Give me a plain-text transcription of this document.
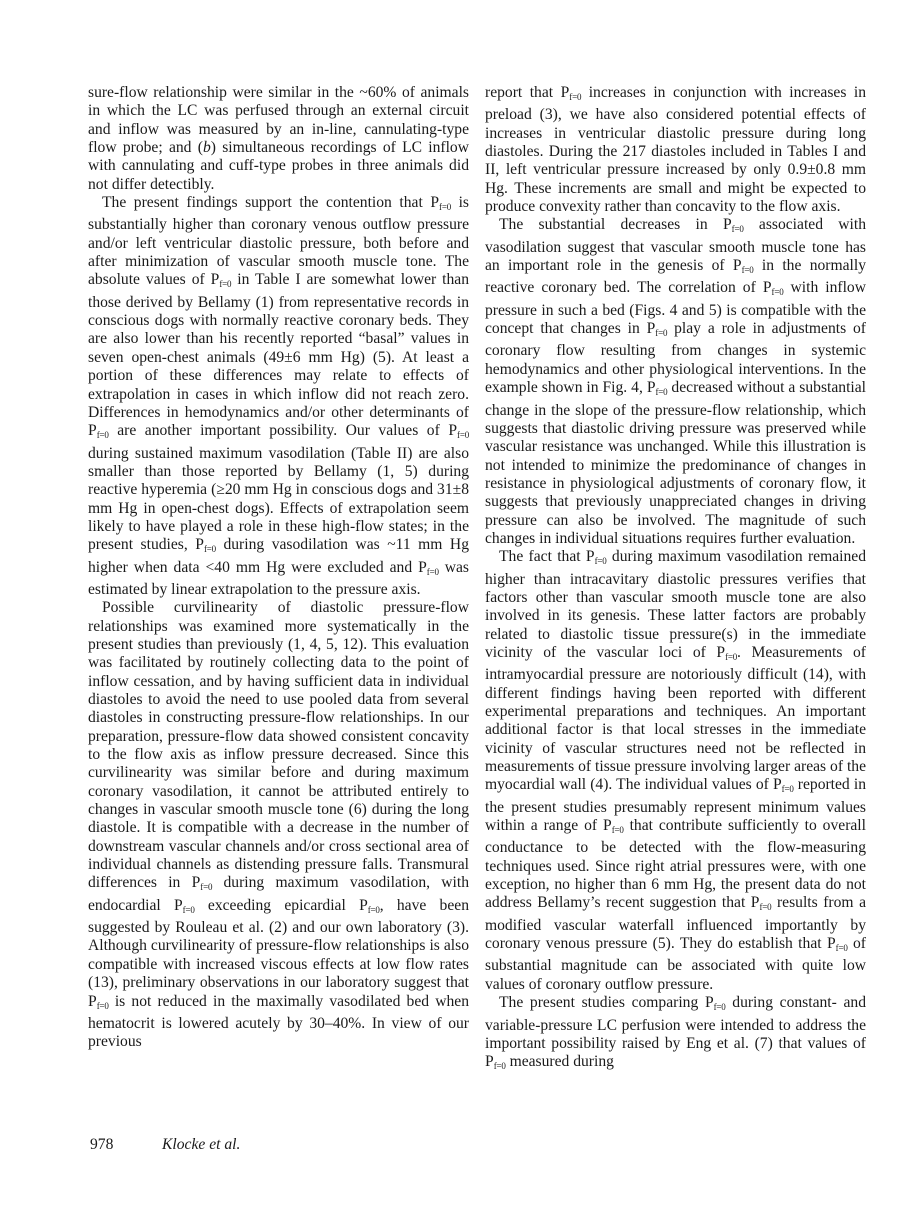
sure-flow relationship were similar in the ~60% of animals in which the LC was perfused through an external circuit and inflow was measured by an in-line, cannulating-type flow probe; and (b) simultaneous recordings of LC inflow with cannulating and cuff-type probes in three animals did not differ detectibly.

The present findings support the contention that $P_{f=0}$ is substantially higher than coronary venous outflow pressure and/or left ventricular diastolic pressure, both before and after minimization of vascular smooth muscle tone. The absolute values of $P_{f=0}$ in Table I are somewhat lower than those derived by Bellamy (1) from representative records in conscious dogs with normally reactive coronary beds. They are also lower than his recently reported “basal” values in seven open-chest animals (49±6 mm Hg) (5). At least a portion of these differences may relate to effects of extrapolation in cases in which inflow did not reach zero. Differences in hemodynamics and/or other determinants of $P_{f=0}$ are another important possibility. Our values of $P_{f=0}$ during sustained maximum vasodilation (Table II) are also smaller than those reported by Bellamy (1, 5) during reactive hyperemia (≥20 mm Hg in conscious dogs and 31±8 mm Hg in open-chest dogs). Effects of extrapolation seem likely to have played a role in these high-flow states; in the present studies, $P_{f=0}$ during vasodilation was ~11 mm Hg higher when data <40 mm Hg were excluded and $P_{f=0}$ was estimated by linear extrapolation to the pressure axis.

Possible curvilinearity of diastolic pressure-flow relationships was examined more systematically in the present studies than previously (1, 4, 5, 12). This evaluation was facilitated by routinely collecting data to the point of inflow cessation, and by having sufficient data in individual diastoles to avoid the need to use pooled data from several diastoles in constructing pressure-flow relationships. In our preparation, pressure-flow data showed consistent concavity to the flow axis as inflow pressure decreased. Since this curvilinearity was similar before and during maximum coronary vasodilation, it cannot be attributed entirely to changes in vascular smooth muscle tone (6) during the long diastole. It is compatible with a decrease in the number of downstream vascular channels and/or cross sectional area of individual channels as distending pressure falls. Transmural differences in $P_{f=0}$ during maximum vasodilation, with endocardial $P_{f=0}$ exceeding epicardial $P_{f=0}$, have been suggested by Rouleau et al. (2) and our own laboratory (3). Although curvilinearity of pressure-flow relationships is also compatible with increased viscous effects at low flow rates (13), preliminary observations in our laboratory suggest that $P_{f=0}$ is not reduced in the maximally vasodilated bed when hematocrit is lowered acutely by 30–40%. In view of our previous

report that $P_{f=0}$ increases in conjunction with increases in preload (3), we have also considered potential effects of increases in ventricular diastolic pressure during long diastoles. During the 217 diastoles included in Tables I and II, left ventricular pressure increased by only 0.9±0.8 mm Hg. These increments are small and might be expected to produce convexity rather than concavity to the flow axis.

The substantial decreases in $P_{f=0}$ associated with vasodilation suggest that vascular smooth muscle tone has an important role in the genesis of $P_{f=0}$ in the normally reactive coronary bed. The correlation of $P_{f=0}$ with inflow pressure in such a bed (Figs. 4 and 5) is compatible with the concept that changes in $P_{f=0}$ play a role in adjustments of coronary flow resulting from changes in systemic hemodynamics and other physiological interventions. In the example shown in Fig. 4, $P_{f=0}$ decreased without a substantial change in the slope of the pressure-flow relationship, which suggests that diastolic driving pressure was preserved while vascular resistance was unchanged. While this illustration is not intended to minimize the predominance of changes in resistance in physiological adjustments of coronary flow, it suggests that previously unappreciated changes in driving pressure can also be involved. The magnitude of such changes in individual situations requires further evaluation.

The fact that $P_{f=0}$ during maximum vasodilation remained higher than intracavitary diastolic pressures verifies that factors other than vascular smooth muscle tone are also involved in its genesis. These latter factors are probably related to diastolic tissue pressure(s) in the immediate vicinity of the vascular loci of $P_{f=0}$. Measurements of intramyocardial pressure are notoriously difficult (14), with different findings having been reported with different experimental preparations and techniques. An important additional factor is that local stresses in the immediate vicinity of vascular structures need not be reflected in measurements of tissue pressure involving larger areas of the myocardial wall (4). The individual values of $P_{f=0}$ reported in the present studies presumably represent minimum values within a range of $P_{f=0}$ that contribute sufficiently to overall conductance to be detected with the flow-measuring techniques used. Since right atrial pressures were, with one exception, no higher than 6 mm Hg, the present data do not address Bellamy’s recent suggestion that $P_{f=0}$ results from a modified vascular waterfall influenced importantly by coronary venous pressure (5). They do establish that $P_{f=0}$ of substantial magnitude can be associated with quite low values of coronary outflow pressure.

The present studies comparing $P_{f=0}$ during constant- and variable-pressure LC perfusion were intended to address the important possibility raised by Eng et al. (7) that values of $P_{f=0}$ measured during

978	Klocke et al.
